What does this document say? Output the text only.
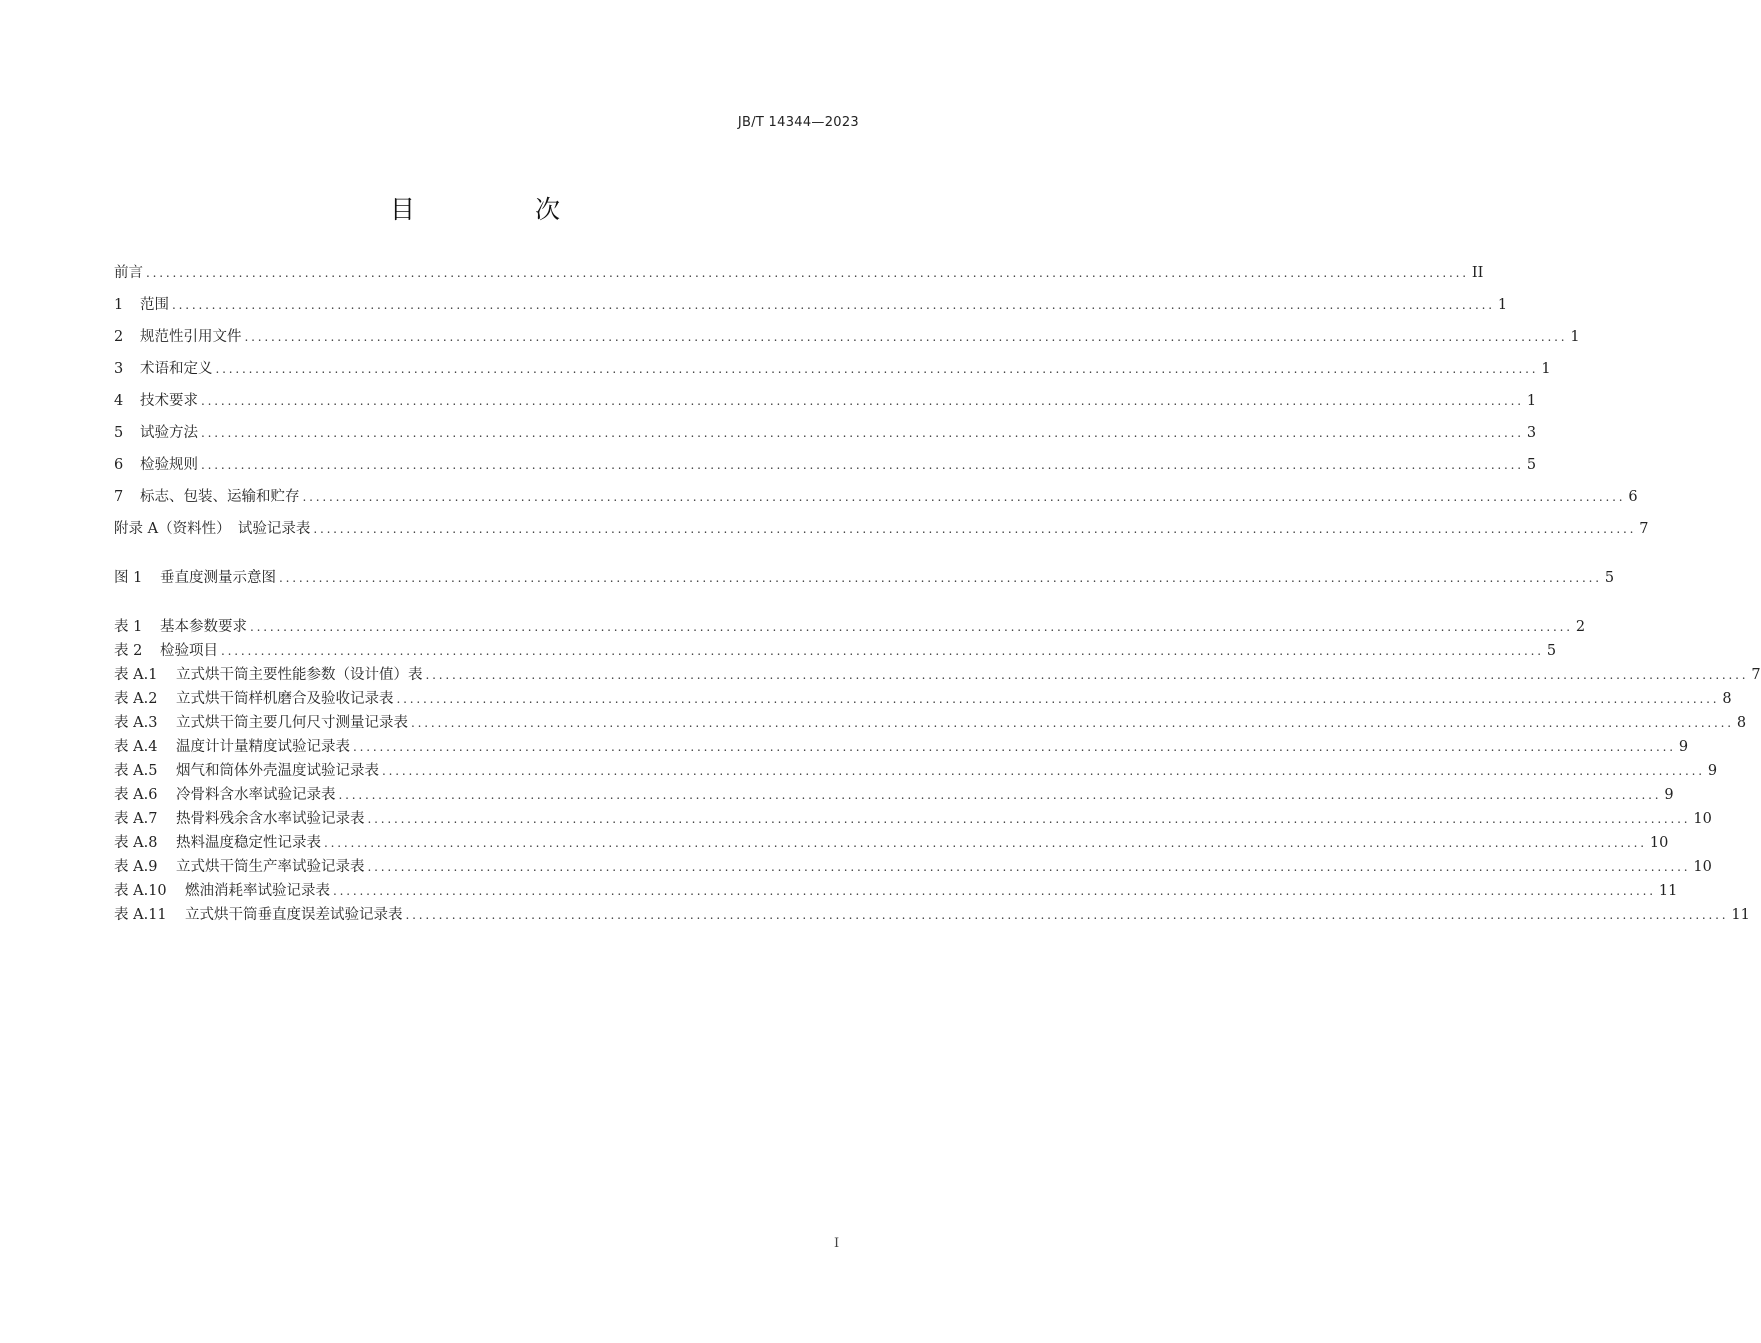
JB/T 14344—2023
目 次
前言 ........................................................................................................................................................................................................ II
1	范围 ........................................................................................................................................................................................................ 1
2	规范性引用文件 ........................................................................................................................................................................................................ 1
3	术语和定义 ........................................................................................................................................................................................................ 1
4	技术要求 ........................................................................................................................................................................................................ 1
5	试验方法 ........................................................................................................................................................................................................ 3
6	检验规则 ........................................................................................................................................................................................................ 5
7	标志、包装、运输和贮存 ........................................................................................................................................................................................................ 6
附录 A（资料性）　试验记录表 ........................................................................................................................................................................................................ 7
图 1	垂直度测量示意图 ........................................................................................................................................................................................................ 5
表 1	基本参数要求 ........................................................................................................................................................................................................ 2
表 2	检验项目 ........................................................................................................................................................................................................ 5
表 A.1	立式烘干筒主要性能参数（设计值）表 ........................................................................................................................................................................................................ 7
表 A.2	立式烘干筒样机磨合及验收记录表 ........................................................................................................................................................................................................ 8
表 A.3	立式烘干筒主要几何尺寸测量记录表 ........................................................................................................................................................................................................ 8
表 A.4	温度计计量精度试验记录表 ........................................................................................................................................................................................................ 9
表 A.5	烟气和筒体外壳温度试验记录表 ........................................................................................................................................................................................................ 9
表 A.6	冷骨料含水率试验记录表 ........................................................................................................................................................................................................ 9
表 A.7	热骨料残余含水率试验记录表 ........................................................................................................................................................................................................ 10
表 A.8	热料温度稳定性记录表 ........................................................................................................................................................................................................ 10
表 A.9	立式烘干筒生产率试验记录表 ........................................................................................................................................................................................................ 10
表 A.10	燃油消耗率试验记录表 ........................................................................................................................................................................................................ 11
表 A.11	立式烘干筒垂直度误差试验记录表 ........................................................................................................................................................................................................ 11
I
